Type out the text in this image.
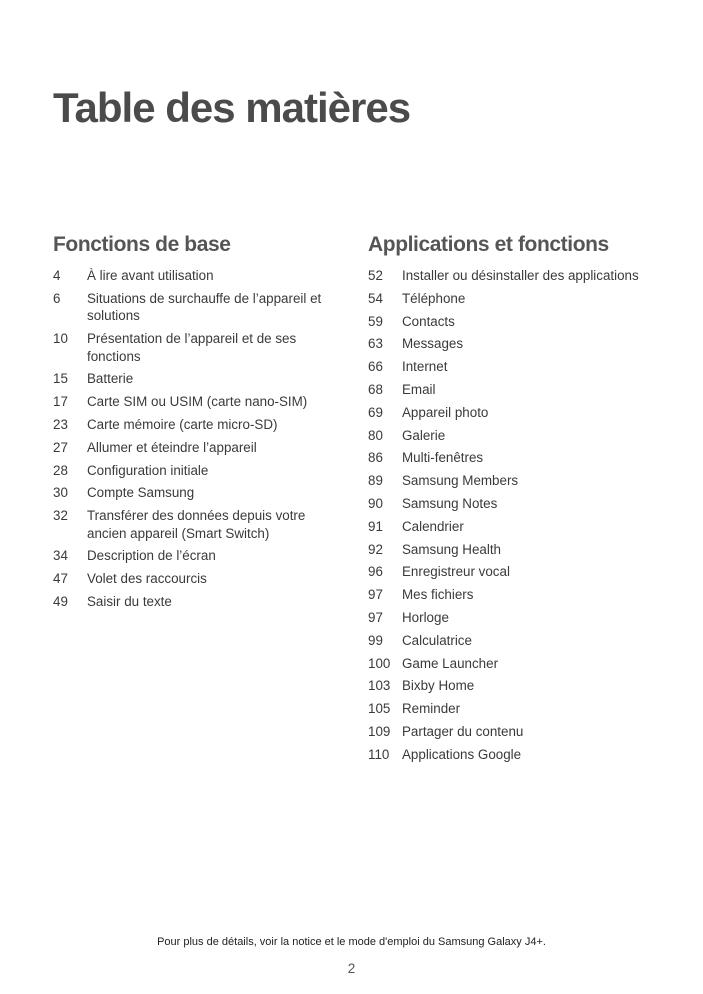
Table des matières
Fonctions de base
4	À lire avant utilisation
6	Situations de surchauffe de l’appareil et solutions
10	Présentation de l’appareil et de ses fonctions
15	Batterie
17	Carte SIM ou USIM (carte nano-SIM)
23	Carte mémoire (carte micro-SD)
27	Allumer et éteindre l’appareil
28	Configuration initiale
30	Compte Samsung
32	Transférer des données depuis votre ancien appareil (Smart Switch)
34	Description de l’écran
47	Volet des raccourcis
49	Saisir du texte
Applications et fonctions
52	Installer ou désinstaller des applications
54	Téléphone
59	Contacts
63	Messages
66	Internet
68	Email
69	Appareil photo
80	Galerie
86	Multi-fenêtres
89	Samsung Members
90	Samsung Notes
91	Calendrier
92	Samsung Health
96	Enregistreur vocal
97	Mes fichiers
97	Horloge
99	Calculatrice
100 Game Launcher
103 Bixby Home
105 Reminder
109 Partager du contenu
110 Applications Google
Pour plus de détails, voir la notice et le mode d'emploi du Samsung Galaxy J4+.
2
